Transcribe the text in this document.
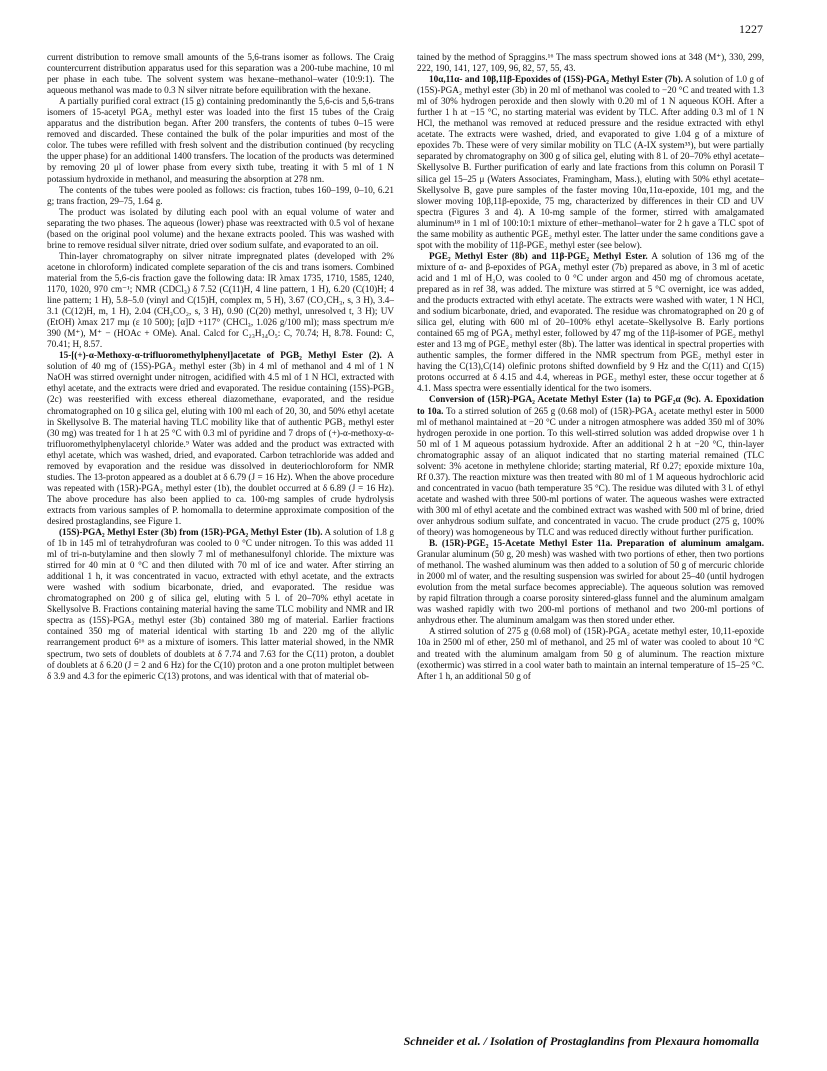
1227

current distribution to remove small amounts of the 5,6-trans isomer as follows. The Craig countercurrent distribution apparatus used for this separation was a 200-tube machine, 10 ml per phase in each tube. The solvent system was hexane–methanol–water (10:9:1). The aqueous methanol was made to 0.3 N silver nitrate before equilibration with the hexane.

A partially purified coral extract (15 g) containing predominantly the 5,6-cis and 5,6-trans isomers of 15-acetyl PGA₂ methyl ester was loaded into the first 15 tubes of the Craig apparatus and the distribution began. After 200 transfers, the contents of tubes 0–15 were removed and discarded. These contained the bulk of the polar impurities and most of the color. The tubes were refilled with fresh solvent and the distribution continued (by recycling the upper phase) for an additional 1400 transfers. The location of the products was determined by removing 20 μl of lower phase from every sixth tube, treating it with 5 ml of 1 N potassium hydroxide in methanol, and measuring the absorption at 278 nm.

The contents of the tubes were pooled as follows: cis fraction, tubes 160–199, 0–10, 6.21 g; trans fraction, 29–75, 1.64 g.

The product was isolated by diluting each pool with an equal volume of water and separating the two phases. The aqueous (lower) phase was reextracted with 0.5 vol of hexane (based on the original pool volume) and the hexane extracts pooled. This was washed with brine to remove residual silver nitrate, dried over sodium sulfate, and evaporated to an oil.

Thin-layer chromatography on silver nitrate impregnated plates (developed with 2% acetone in chloroform) indicated complete separation of the cis and trans isomers. Combined material from the 5,6-cis fraction gave the following data: IR λmax 1735, 1710, 1585, 1240, 1170, 1020, 970 cm⁻¹; NMR (CDCl₃) δ 7.52 (C(11)H, 4 line pattern, 1 H), 6.20 (C(10)H; 4 line pattern; 1 H), 5.8–5.0 (vinyl and C(15)H, complex m, 5 H), 3.67 (CO₂CH₃, s, 3 H), 3.4–3.1 (C(12)H, m, 1 H), 2.04 (CH₃CO₂, s, 3 H), 0.90 (C(20) methyl, unresolved t, 3 H); UV (EtOH) λmax 217 mμ (ε 10 500); [α]D +117° (CHCl₃, 1.026 g/100 ml); mass spectrum m/e 390 (M⁺), M⁺ − (HOAc + OMe). Anal. Calcd for C₂₃H₃₄O₅: C, 70.74; H, 8.78. Found: C, 70.41; H, 8.57.

15-[(+)-α-Methoxy-α-trifluoromethylphenyl]acetate of PGB₂ Methyl Ester (2). A solution of 40 mg of (15S)-PGA₂ methyl ester (3b) in 4 ml of methanol and 4 ml of 1 N NaOH was stirred overnight under nitrogen, acidified with 4.5 ml of 1 N HCl, extracted with ethyl acetate, and the extracts were dried and evaporated. The residue containing (15S)-PGB₂ (2c) was reesterified with excess ethereal diazomethane, evaporated, and the residue chromatographed on 10 g silica gel, eluting with 100 ml each of 20, 30, and 50% ethyl acetate in Skellysolve B. The material having TLC mobility like that of authentic PGB₂ methyl ester (30 mg) was treated for 1 h at 25 °C with 0.3 ml of pyridine and 7 drops of (+)-α-methoxy-α-trifluoromethylphenylacetyl chloride.⁹ Water was added and the product was extracted with ethyl acetate, which was washed, dried, and evaporated. Carbon tetrachloride was added and removed by evaporation and the residue was dissolved in deuteriochloroform for NMR studies. The 13-proton appeared as a doublet at δ 6.79 (J = 16 Hz). When the above procedure was repeated with (15R)-PGA₂ methyl ester (1b), the doublet occurred at δ 6.89 (J = 16 Hz). The above procedure has also been applied to ca. 100-mg samples of crude hydrolysis extracts from various samples of P. homomalla to determine approximate composition of the desired prostaglandins, see Figure 1.

(15S)-PGA₂ Methyl Ester (3b) from (15R)-PGA₂ Methyl Ester (1b). A solution of 1.8 g of 1b in 145 ml of tetrahydrofuran was cooled to 0 °C under nitrogen. To this was added 11 ml of tri-n-butylamine and then slowly 7 ml of methanesulfonyl chloride. The mixture was stirred for 40 min at 0 °C and then diluted with 70 ml of ice and water. After stirring an additional 1 h, it was concentrated in vacuo, extracted with ethyl acetate, and the extracts were washed with sodium bicarbonate, dried, and evaporated. The residue was chromatographed on 200 g of silica gel, eluting with 5 l. of 20–70% ethyl acetate in Skellysolve B. Fractions containing material having the same TLC mobility and NMR and IR spectra as (15S)-PGA₂ methyl ester (3b) contained 380 mg of material. Earlier fractions contained 350 mg of material identical with starting 1b and 220 mg of the allylic rearrangement product 6¹⁶ as a mixture of isomers. This latter material showed, in the NMR spectrum, two sets of doublets of doublets at δ 7.74 and 7.63 for the C(11) proton, a doublet of doublets at δ 6.20 (J = 2 and 6 Hz) for the C(10) proton and a one proton multiplet between δ 3.9 and 4.3 for the epimeric C(13) protons, and was identical with that of material ob-

tained by the method of Spraggins.¹⁶ The mass spectrum showed ions at 348 (M⁺), 330, 299, 222, 190, 141, 127, 109, 96, 82, 57, 55, 43.

10α,11α- and 10β,11β-Epoxides of (15S)-PGA₂ Methyl Ester (7b). A solution of 1.0 g of (15S)-PGA₂ methyl ester (3b) in 20 ml of methanol was cooled to −20 °C and treated with 1.3 ml of 30% hydrogen peroxide and then slowly with 0.20 ml of 1 N aqueous KOH. After a further 1 h at −15 °C, no starting material was evident by TLC. After adding 0.3 ml of 1 N HCl, the methanol was removed at reduced pressure and the residue extracted with ethyl acetate. The extracts were washed, dried, and evaporated to give 1.04 g of a mixture of epoxides 7b. These were of very similar mobility on TLC (A-IX system³⁵), but were partially separated by chromatography on 300 g of silica gel, eluting with 8 l. of 20–70% ethyl acetate–Skellysolve B. Further purification of early and late fractions from this column on Porasil T silica gel 15–25 μ (Waters Associates, Framingham, Mass.), eluting with 50% ethyl acetate–Skellysolve B, gave pure samples of the faster moving 10α,11α-epoxide, 101 mg, and the slower moving 10β,11β-epoxide, 75 mg, characterized by differences in their CD and UV spectra (Figures 3 and 4). A 10-mg sample of the former, stirred with amalgamated aluminum¹⁸ in 1 ml of 100:10:1 mixture of ether–methanol–water for 2 h gave a TLC spot of the same mobility as authentic PGE₂ methyl ester. The latter under the same conditions gave a spot with the mobility of 11β-PGE₂ methyl ester (see below).

PGE₂ Methyl Ester (8b) and 11β-PGE₂ Methyl Ester. A solution of 136 mg of the mixture of α- and β-epoxides of PGA₂ methyl ester (7b) prepared as above, in 3 ml of acetic acid and 1 ml of H₂O, was cooled to 0 °C under argon and 450 mg of chromous acetate, prepared as in ref 38, was added. The mixture was stirred at 5 °C overnight, ice was added, and the products extracted with ethyl acetate. The extracts were washed with water, 1 N HCl, and sodium bicarbonate, dried, and evaporated. The residue was chromatographed on 20 g of silica gel, eluting with 600 ml of 20–100% ethyl acetate–Skellysolve B. Early portions contained 65 mg of PGA₂ methyl ester, followed by 47 mg of the 11β-isomer of PGE₂ methyl ester and 13 mg of PGE₂ methyl ester (8b). The latter was identical in spectral properties with authentic samples, the former differed in the NMR spectrum from PGE₂ methyl ester in having the C(13),C(14) olefinic protons shifted downfield by 9 Hz and the C(11) and C(15) protons occurred at δ 4.15 and 4.4, whereas in PGE₂ methyl ester, these occur together at δ 4.1. Mass spectra were essentially identical for the two isomers.

Conversion of (15R)-PGA₂ Acetate Methyl Ester (1a) to PGF₂α (9c). A. Epoxidation to 10a. To a stirred solution of 265 g (0.68 mol) of (15R)-PGA₂ acetate methyl ester in 5000 ml of methanol maintained at −20 °C under a nitrogen atmosphere was added 350 ml of 30% hydrogen peroxide in one portion. To this well-stirred solution was added dropwise over 1 h 50 ml of 1 M aqueous potassium hydroxide. After an additional 2 h at −20 °C, thin-layer chromatographic assay of an aliquot indicated that no starting material remained (TLC solvent: 3% acetone in methylene chloride; starting material, Rf 0.27; epoxide mixture 10a, Rf 0.37). The reaction mixture was then treated with 80 ml of 1 M aqueous hydrochloric acid and concentrated in vacuo (bath temperature 35 °C). The residue was diluted with 3 l. of ethyl acetate and washed with three 500-ml portions of water. The aqueous washes were extracted with 300 ml of ethyl acetate and the combined extract was washed with 500 ml of brine, dried over anhydrous sodium sulfate, and concentrated in vacuo. The crude product (275 g, 100% of theory) was homogeneous by TLC and was reduced directly without further purification.

B. (15R)-PGE₂ 15-Acetate Methyl Ester 11a. Preparation of aluminum amalgam. Granular aluminum (50 g, 20 mesh) was washed with two portions of ether, then two portions of methanol. The washed aluminum was then added to a solution of 50 g of mercuric chloride in 2000 ml of water, and the resulting suspension was swirled for about 25–40 (until hydrogen evolution from the metal surface becomes appreciable). The aqueous solution was removed by rapid filtration through a coarse porosity sintered-glass funnel and the aluminum amalgam was washed rapidly with two 200-ml portions of methanol and two 200-ml portions of anhydrous ether. The aluminum amalgam was then stored under ether.

A stirred solution of 275 g (0.68 mol) of (15R)-PGA₂ acetate methyl ester, 10,11-epoxide 10a in 2500 ml of ether, 250 ml of methanol, and 25 ml of water was cooled to about 10 °C and treated with the aluminum amalgam from 50 g of aluminum. The reaction mixture (exothermic) was stirred in a cool water bath to maintain an internal temperature of 15–25 °C. After 1 h, an additional 50 g of

Schneider et al. / Isolation of Prostaglandins from Plexaura homomalla
